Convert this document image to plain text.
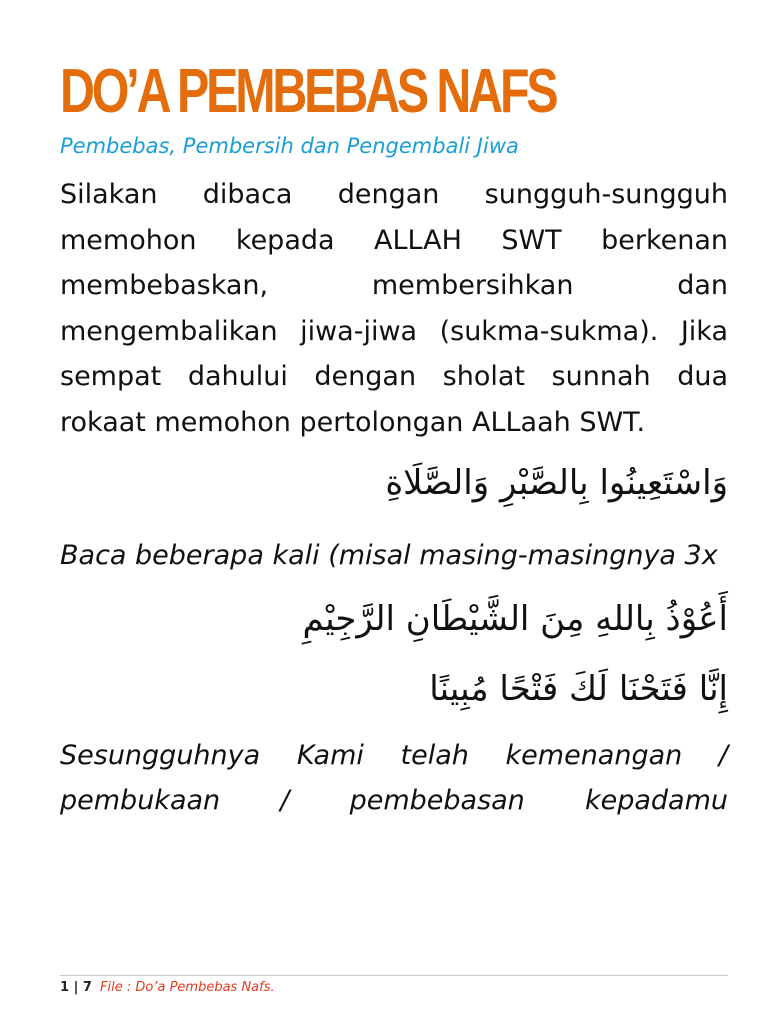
DO’A PEMBEBAS NAFS
Pembebas, Pembersih dan Pengembali Jiwa

Silakan dibaca dengan sungguh-sungguh memohon kepada ALLAH SWT berkenan membebaskan, membersihkan dan mengembalikan jiwa-jiwa (sukma-sukma). Jika sempat dahului dengan sholat sunnah dua rokaat memohon pertolongan ALLaah SWT.

وَاسْتَعِينُوا بِالصَّبْرِ وَالصَّلَاةِ

Baca beberapa kali (misal masing-masingnya 3x

أَعُوْذُ بِاللهِ مِنَ الشَّيْطَانِ الرَّجِيْمِ

إِنَّا فَتَحْنَا لَكَ فَتْحًا مُبِينًا

Sesungguhnya Kami telah kemenangan / pembukaan / pembebasan kepadamu

1 | 7 File : Do’a Pembebas Nafs.
